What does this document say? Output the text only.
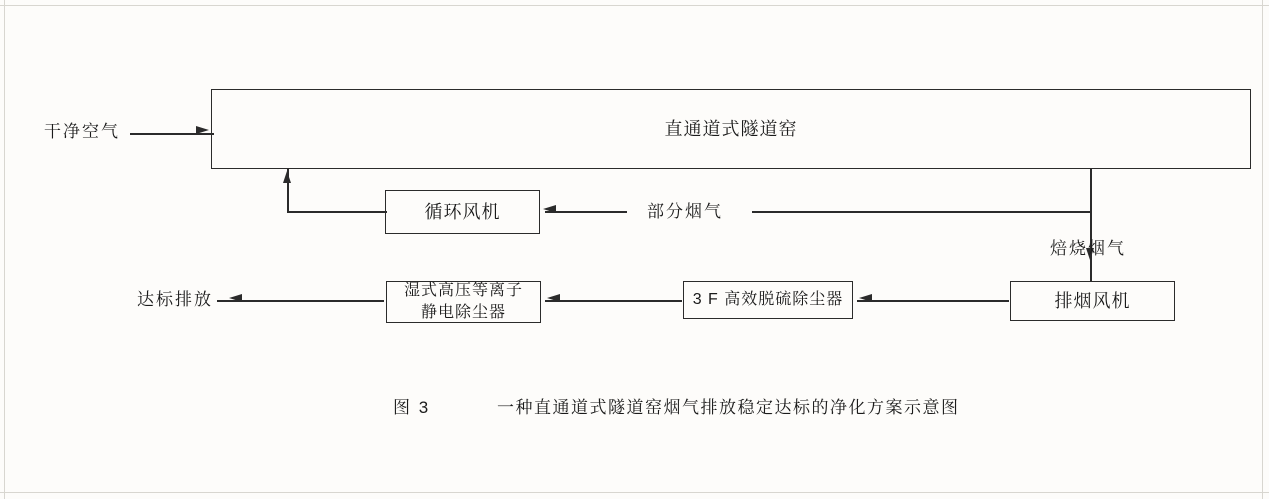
直通道式隧道窑
干净空气
循环风机	部分烟气
焙烧烟气
排烟风机
3 F 高效脱硫除尘器
湿式高压等离子
静电除尘器
达标排放
图 3	一种直通道式隧道窑烟气排放稳定达标的净化方案示意图
